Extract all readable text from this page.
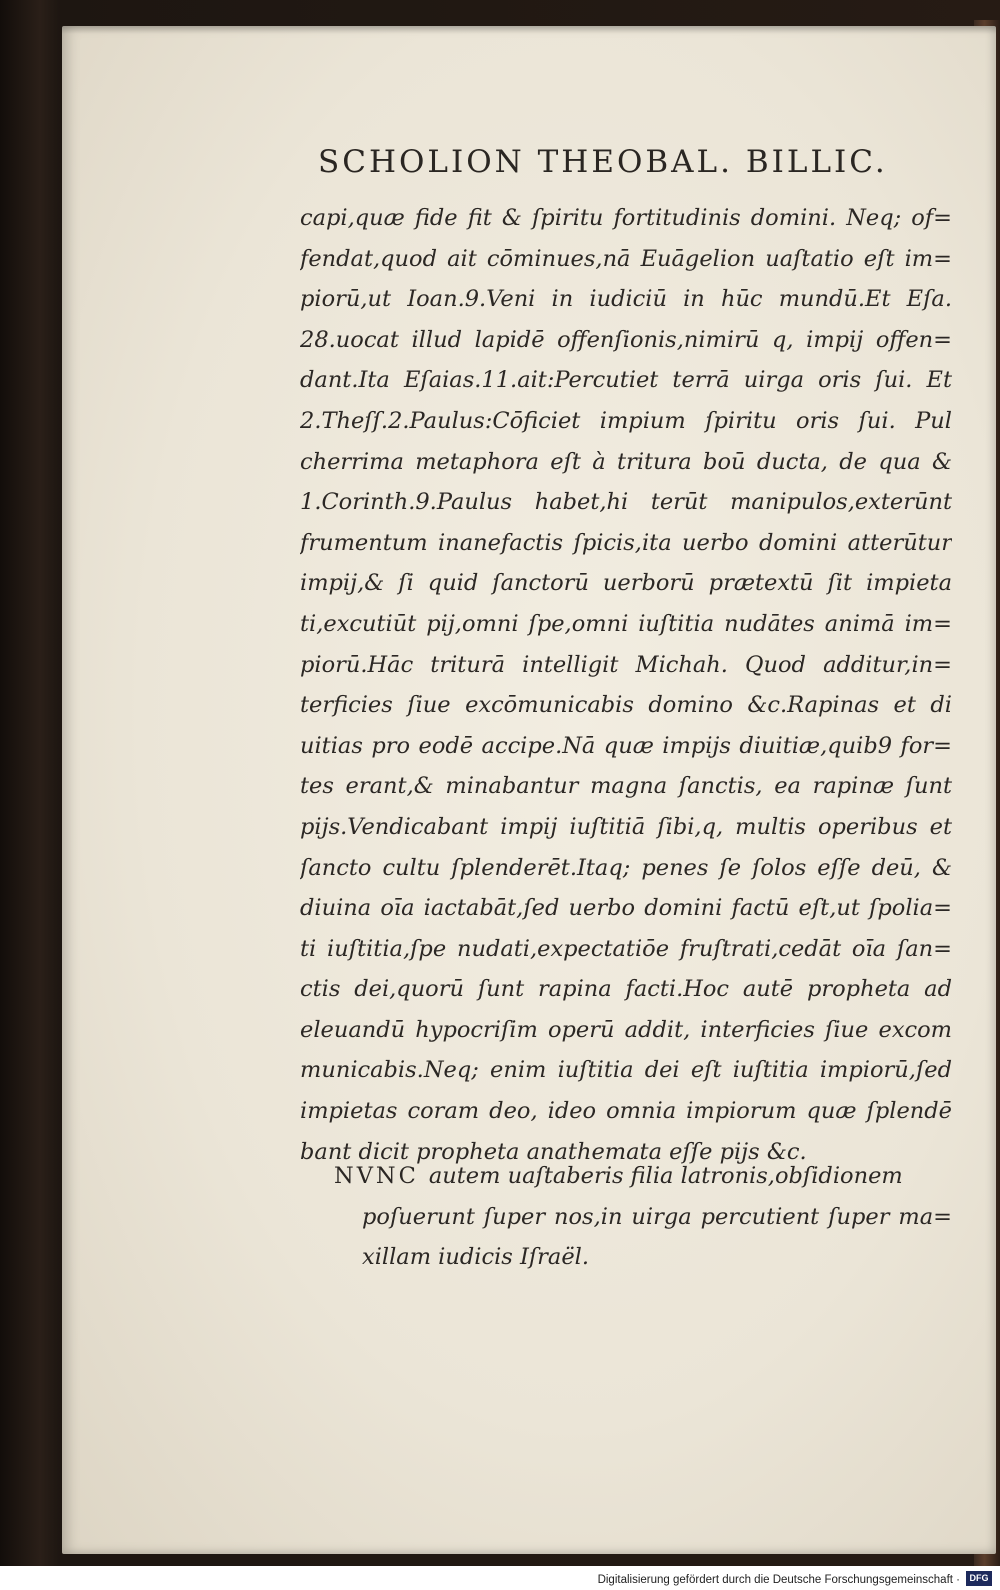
SCHOLION THEOBAL. BILLIC.
capi,quæ fide fit & ſpiritu fortitudinis domini. Neq; of=
fendat,quod ait cōminues,nā Euāgelion uaſtatio eſt im=
piorū,ut Ioan.9.Veni in iudiciū in hūc mundū.Et Eſa.
28.uocat illud lapidē offenſionis,nimirū q, impij offen=
dant.Ita Eſaias.11.ait:Percutiet terrā uirga oris ſui. Et
2.Theſſ.2.Paulus:Cōficiet impium ſpiritu oris ſui. Pul
cherrima metaphora eſt à tritura boū ducta, de qua &
1.Corinth.9.Paulus habet,hi terūt manipulos,exterūnt
frumentum inanefactis ſpicis,ita uerbo domini atterūtur
impij,& ſi quid ſanctorū uerborū prætextū ſit impieta
ti,excutiūt pij,omni ſpe,omni iuſtitia nudātes animā im=
piorū.Hāc triturā intelligit Michah. Quod additur,in=
terficies ſiue excōmunicabis domino &c.Rapinas et di
uitias pro eodē accipe.Nā quæ impijs diuitiæ,quib9 for=
tes erant,& minabantur magna ſanctis, ea rapinæ ſunt
pijs.Vendicabant impij iuſtitiā ſibi,q, multis operibus et
ſancto cultu ſplenderēt.Itaq; penes ſe ſolos eſſe deū, &
diuina oīa iactabāt,ſed uerbo domini factū eſt,ut ſpolia=
ti iuſtitia,ſpe nudati,expectatiōe fruſtrati,cedāt oīa ſan=
ctis dei,quorū ſunt rapina facti.Hoc autē propheta ad
eleuandū hypocriſim operū addit, interficies ſiue excom
municabis.Neq; enim iuſtitia dei eſt iuſtitia impiorū,ſed
impietas coram deo, ideo omnia impiorum quæ ſplendē
bant dicit propheta anathemata eſſe pijs &c.
NVNC autem uaſtaberis filia latronis,obſidionem
poſuerunt ſuper nos,in uirga percutient ſuper ma=
xillam iudicis Iſraël.
Digitalisierung gefördert durch die Deutsche Forschungsgemeinschaft ·	DFG
